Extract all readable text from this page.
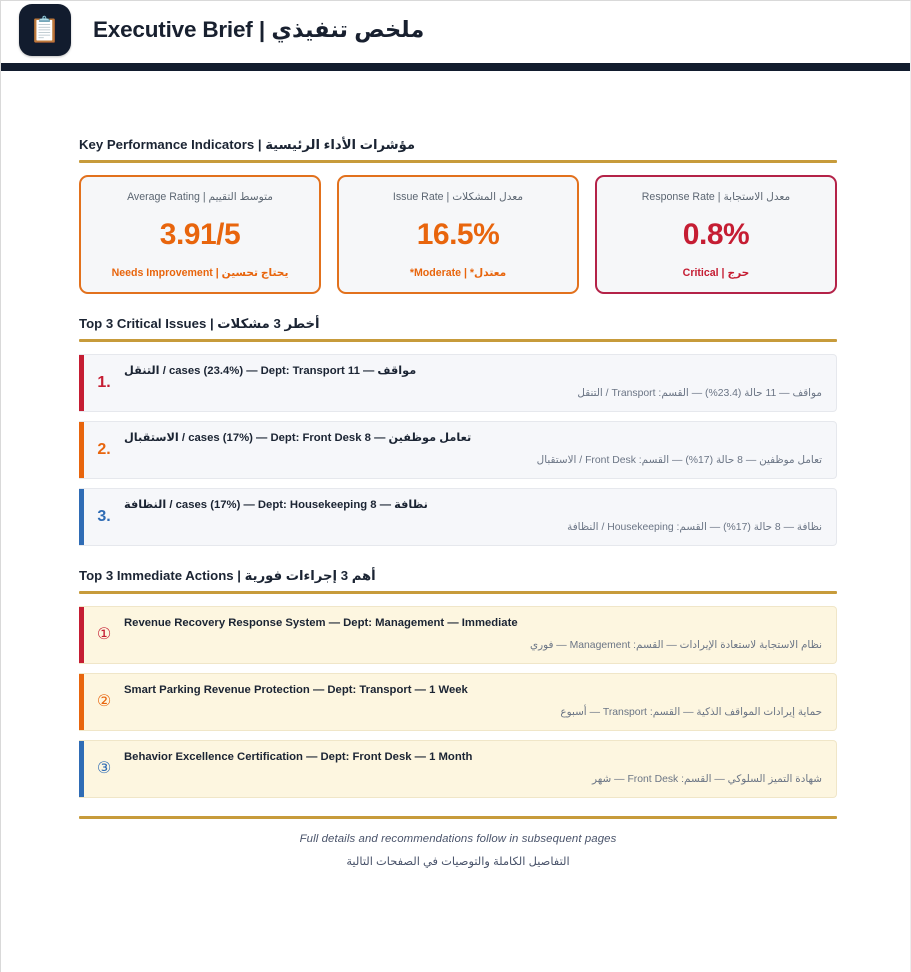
📋 ملخص تنفيذي | Executive Brief
مؤشرات الأداء الرئيسية | Key Performance Indicators
متوسط التقييم | Average Rating
3.91/5
يحتاج تحسين | Needs Improvement
معدل المشكلات | Issue Rate
16.5%
معتدل* | Moderate*
معدل الاستجابة | Response Rate
0.8%
حرج | Critical
أخطر 3 مشكلات | Top 3 Critical Issues
1.
مواقف — 11 cases (23.4%) — Dept: Transport / التنقل
مواقف — 11 حالة (23.4%) — القسم: Transport / التنقل
2.
تعامل موظفين — 8 cases (17%) — Dept: Front Desk / الاستقبال
تعامل موظفين — 8 حالة (17%) — القسم: Front Desk / الاستقبال
3.
نظافة — 8 cases (17%) — Dept: Housekeeping / النظافة
نظافة — 8 حالة (17%) — القسم: Housekeeping / النظافة
أهم 3 إجراءات فورية | Top 3 Immediate Actions
①
Revenue Recovery Response System — Dept: Management — Immediate
نظام الاستجابة لاستعادة الإيرادات — القسم: Management — فوري
②
Smart Parking Revenue Protection — Dept: Transport — 1 Week
حماية إيرادات المواقف الذكية — القسم: Transport — أسبوع
③
Behavior Excellence Certification — Dept: Front Desk — 1 Month
شهادة التميز السلوكي — القسم: Front Desk — شهر
Full details and recommendations follow in subsequent pages
التفاصيل الكاملة والتوصيات في الصفحات التالية
